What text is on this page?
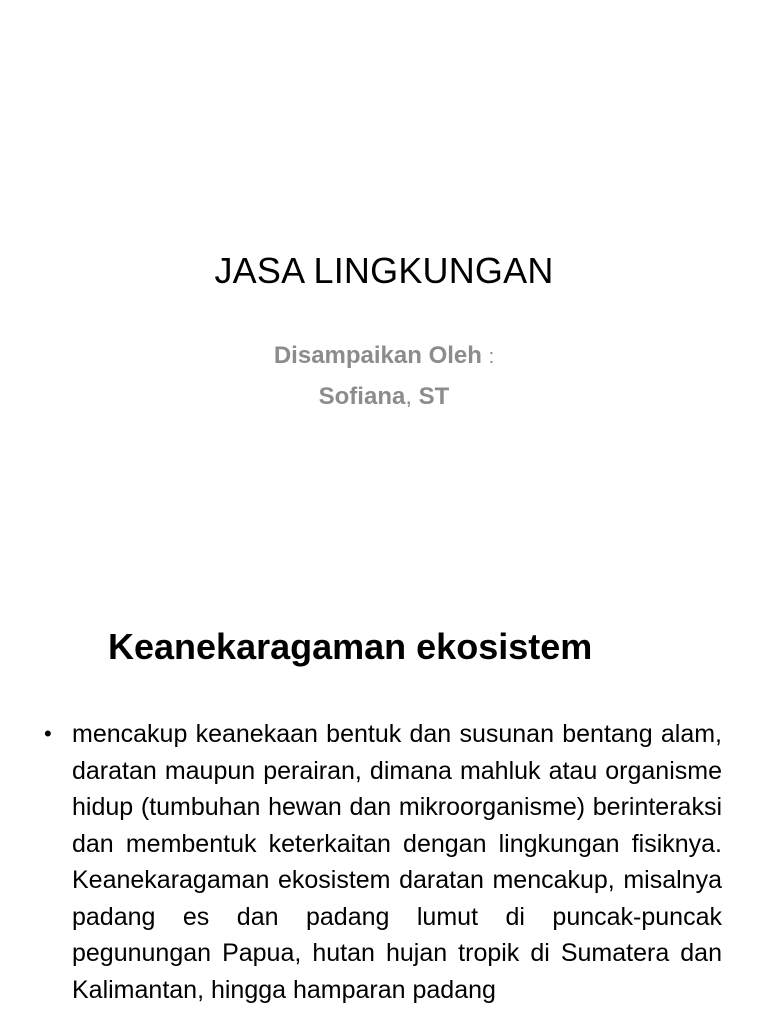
JASA LINGKUNGAN
Disampaikan Oleh :
Sofiana, ST
Keanekaragaman ekosistem
• mencakup keanekaan bentuk dan susunan bentang alam, daratan maupun perairan, dimana mahluk atau organisme hidup (tumbuhan hewan dan mikroorganisme) berinteraksi dan membentuk keterkaitan dengan lingkungan fisiknya. Keanekaragaman ekosistem daratan mencakup, misalnya padang es dan padang lumut di puncak-puncak pegunungan Papua, hutan hujan tropik di Sumatera dan Kalimantan, hingga hamparan padang
